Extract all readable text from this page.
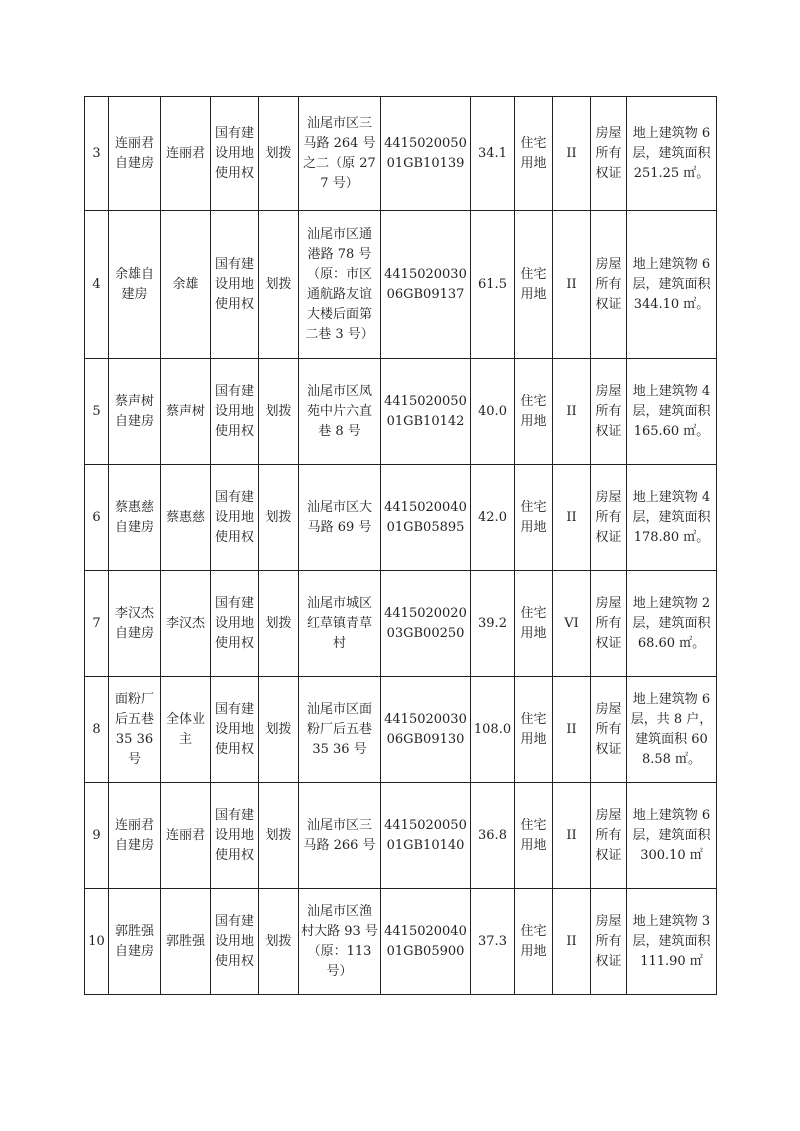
3	连丽君自建房	连丽君	国有建设用地使用权	划拨	汕尾市区三马路 264 号之二（原 277 号）	441502005001GB10139	34.1	住宅用地	II	房屋所有权证	地上建筑物 6 层，建筑面积 251.25 ㎡。
4	余雄自建房	余雄	国有建设用地使用权	划拨	汕尾市区通港路 78 号（原：市区通航路友谊大楼后面第二巷 3 号）	441502003006GB09137	61.5	住宅用地	II	房屋所有权证	地上建筑物 6 层，建筑面积 344.10 ㎡。
5	蔡声树自建房	蔡声树	国有建设用地使用权	划拨	汕尾市区凤苑中片六直巷 8 号	441502005001GB10142	40.0	住宅用地	II	房屋所有权证	地上建筑物 4 层，建筑面积 165.60 ㎡。
6	蔡惠慈自建房	蔡惠慈	国有建设用地使用权	划拨	汕尾市区大马路 69 号	441502004001GB05895	42.0	住宅用地	II	房屋所有权证	地上建筑物 4 层，建筑面积 178.80 ㎡。
7	李汉杰自建房	李汉杰	国有建设用地使用权	划拨	汕尾市城区红草镇青草村	441502002003GB00250	39.2	住宅用地	VI	房屋所有权证	地上建筑物 2 层，建筑面积 68.60 ㎡。
8	面粉厂后五巷 35 36 号	全体业主	国有建设用地使用权	划拨	汕尾市区面粉厂后五巷 35 36 号	441502003006GB09130	108.0	住宅用地	II	房屋所有权证	地上建筑物 6 层，共 8 户，建筑面积 608.58 ㎡。
9	连丽君自建房	连丽君	国有建设用地使用权	划拨	汕尾市区三马路 266 号	441502005001GB10140	36.8	住宅用地	II	房屋所有权证	地上建筑物 6 层，建筑面积 300.10 ㎡
10	郭胜强自建房	郭胜强	国有建设用地使用权	划拨	汕尾市区渔村大路 93 号（原：113 号）	441502004001GB05900	37.3	住宅用地	II	房屋所有权证	地上建筑物 3 层，建筑面积 111.90 ㎡
